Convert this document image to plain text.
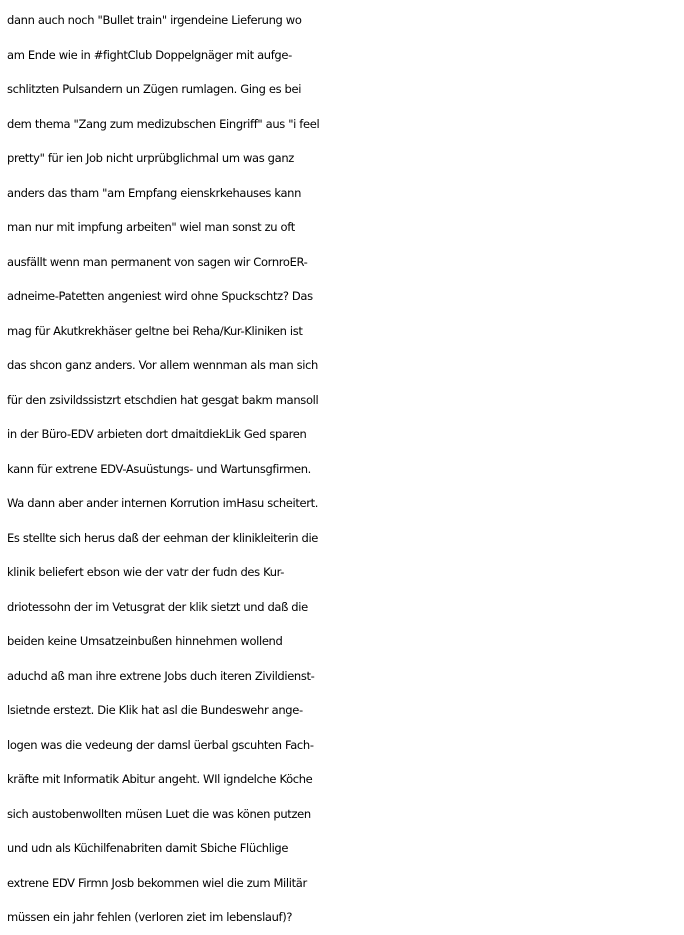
dann auch noch "Bullet train" irgendeine Lieferung wo
am Ende wie in #fightClub Doppelgnäger mit aufge-
schlitzten Pulsandern un Zügen rumlagen. Ging es bei
dem thema "Zang zum medizubschen Eingriff" aus "i feel
pretty" für ien Job nicht urprübglichmal um was ganz
anders das tham "am Empfang eienskrkehauses kann
man nur mit impfung arbeiten" wiel man sonst zu oft
ausfällt wenn man permanent von sagen wir CornroER-
adneime-Patetten angeniest wird ohne Spuckschtz? Das
mag für Akutkrekhäser geltne bei Reha/Kur-Kliniken ist
das shcon ganz anders. Vor allem wennman als man sich
für den zsivildssistzrt etschdien hat gesgat bakm mansoll
in der Büro-EDV arbieten dort dmaitdiekLik Ged sparen
kann für extrene EDV-Asuüstungs- und Wartunsgfirmen.
Wa dann aber ander internen Korrution imHasu scheitert.
Es stellte sich herus daß der eehman der klinikleiterin die
klinik beliefert ebson wie der vatr der fudn des Kur-
driotessohn der im Vetusgrat der klik sietzt und daß die
beiden keine Umsatzeinbußen hinnehmen wollend
aduchd aß man ihre extrene Jobs duch iteren Zivildienst-
lsietnde erstezt. Die Klik hat asl die Bundeswehr ange-
logen was die vedeung der damsl üerbal gscuhten Fach-
kräfte mit Informatik Abitur angeht. WIl igndelche Köche
sich austobenwollten müsen Luet die was könen putzen
und udn als Küchilfenabriten damit Sbiche Flüchlige
extrene EDV Firmn Josb bekommen wiel die zum Militär
müssen ein jahr fehlen (verloren ziet im lebenslauf)?
